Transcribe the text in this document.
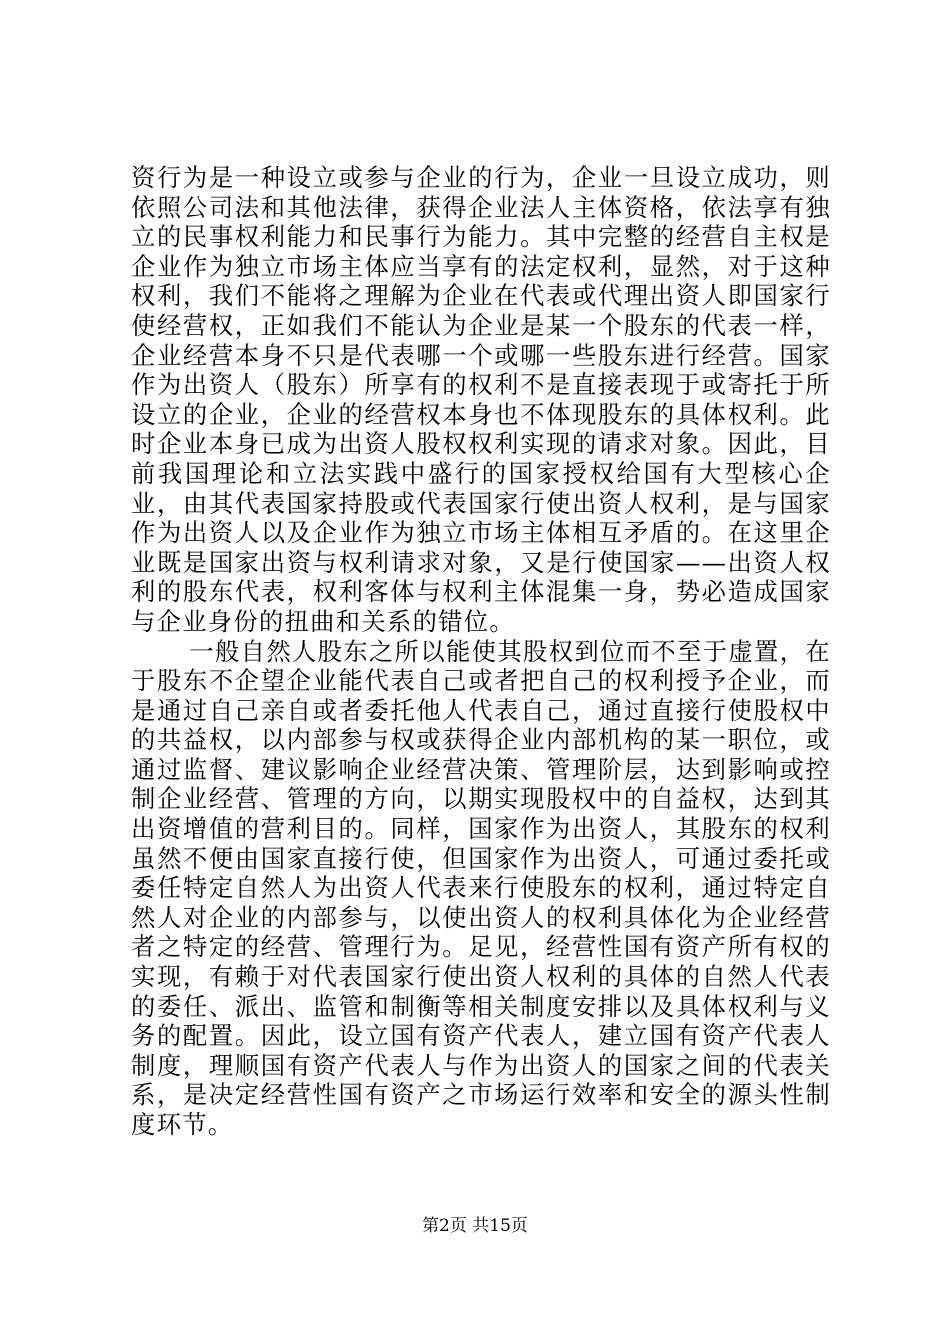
资行为是一种设立或参与企业的行为，企业一旦设立成功，则依照公司法和其他法律，获得企业法人主体资格，依法享有独立的民事权利能力和民事行为能力。其中完整的经营自主权是企业作为独立市场主体应当享有的法定权利，显然，对于这种权利，我们不能将之理解为企业在代表或代理出资人即国家行使经营权，正如我们不能认为企业是某一个股东的代表一样，企业经营本身不只是代表哪一个或哪一些股东进行经营。国家作为出资人（股东）所享有的权利不是直接表现于或寄托于所设立的企业，企业的经营权本身也不体现股东的具体权利。此时企业本身已成为出资人股权权利实现的请求对象。因此，目前我国理论和立法实践中盛行的国家授权给国有大型核心企业，由其代表国家持股或代表国家行使出资人权利，是与国家作为出资人以及企业作为独立市场主体相互矛盾的。在这里企业既是国家出资与权利请求对象，又是行使国家——出资人权利的股东代表，权利客体与权利主体混集一身，势必造成国家与企业身份的扭曲和关系的错位。

一般自然人股东之所以能使其股权到位而不至于虚置，在于股东不企望企业能代表自己或者把自己的权利授予企业，而是通过自己亲自或者委托他人代表自己，通过直接行使股权中的共益权，以内部参与权或获得企业内部机构的某一职位，或通过监督、建议影响企业经营决策、管理阶层，达到影响或控制企业经营、管理的方向，以期实现股权中的自益权，达到其出资增值的营利目的。同样，国家作为出资人，其股东的权利虽然不便由国家直接行使，但国家作为出资人，可通过委托或委任特定自然人为出资人代表来行使股东的权利，通过特定自然人对企业的内部参与，以使出资人的权利具体化为企业经营者之特定的经营、管理行为。足见，经营性国有资产所有权的实现，有赖于对代表国家行使出资人权利的具体的自然人代表的委任、派出、监管和制衡等相关制度安排以及具体权利与义务的配置。因此，设立国有资产代表人，建立国有资产代表人制度，理顺国有资产代表人与作为出资人的国家之间的代表关系，是决定经营性国有资产之市场运行效率和安全的源头性制度环节。

第2页 共15页
